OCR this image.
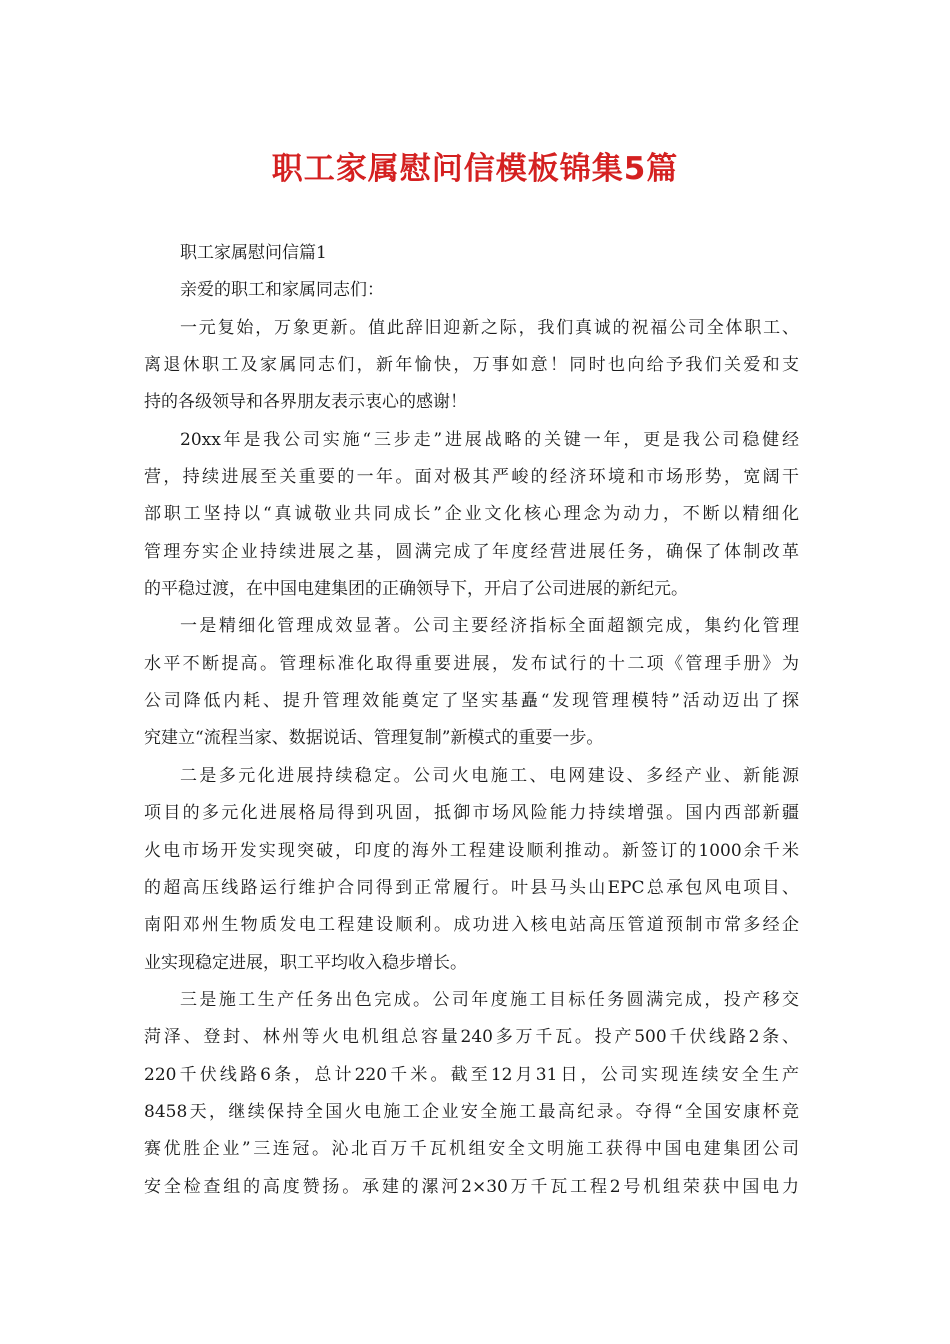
职工家属慰问信模板锦集5篇

职工家属慰问信篇1

亲爱的职工和家属同志们：

一元复始，万象更新。值此辞旧迎新之际，我们真诚的祝福公司全体职工、

离退休职工及家属同志们，新年愉快，万事如意！同时也向给予我们关爱和支

持的各级领导和各界朋友表示衷心的感谢！

20xx年是我公司实施“三步走”进展战略的关键一年，更是我公司稳健经

营，持续进展至关重要的一年。面对极其严峻的经济环境和市场形势，宽阔干

部职工坚持以“真诚敬业共同成长”企业文化核心理念为动力，不断以精细化

管理夯实企业持续进展之基，圆满完成了年度经营进展任务，确保了体制改革

的平稳过渡，在中国电建集团的正确领导下，开启了公司进展的新纪元。

一是精细化管理成效显著。公司主要经济指标全面超额完成，集约化管理

水平不断提高。管理标准化取得重要进展，发布试行的十二项《管理手册》为

公司降低内耗、提升管理效能奠定了坚实基矗“发现管理模特”活动迈出了探

究建立“流程当家、数据说话、管理复制”新模式的重要一步。

二是多元化进展持续稳定。公司火电施工、电网建设、多经产业、新能源

项目的多元化进展格局得到巩固，抵御市场风险能力持续增强。国内西部新疆

火电市场开发实现突破，印度的海外工程建设顺利推动。新签订的1000余千米

的超高压线路运行维护合同得到正常履行。叶县马头山EPC总承包风电项目、

南阳邓州生物质发电工程建设顺利。成功进入核电站高压管道预制市常多经企

业实现稳定进展，职工平均收入稳步增长。

三是施工生产任务出色完成。公司年度施工目标任务圆满完成，投产移交

菏泽、登封、林州等火电机组总容量240多万千瓦。投产500千伏线路2条、

220千伏线路6条，总计220千米。截至12月31日，公司实现连续安全生产

8458天，继续保持全国火电施工企业安全施工最高纪录。夺得“全国安康杯竞

赛优胜企业”三连冠。沁北百万千瓦机组安全文明施工获得中国电建集团公司

安全检查组的高度赞扬。承建的漯河2×30万千瓦工程2号机组荣获中国电力
